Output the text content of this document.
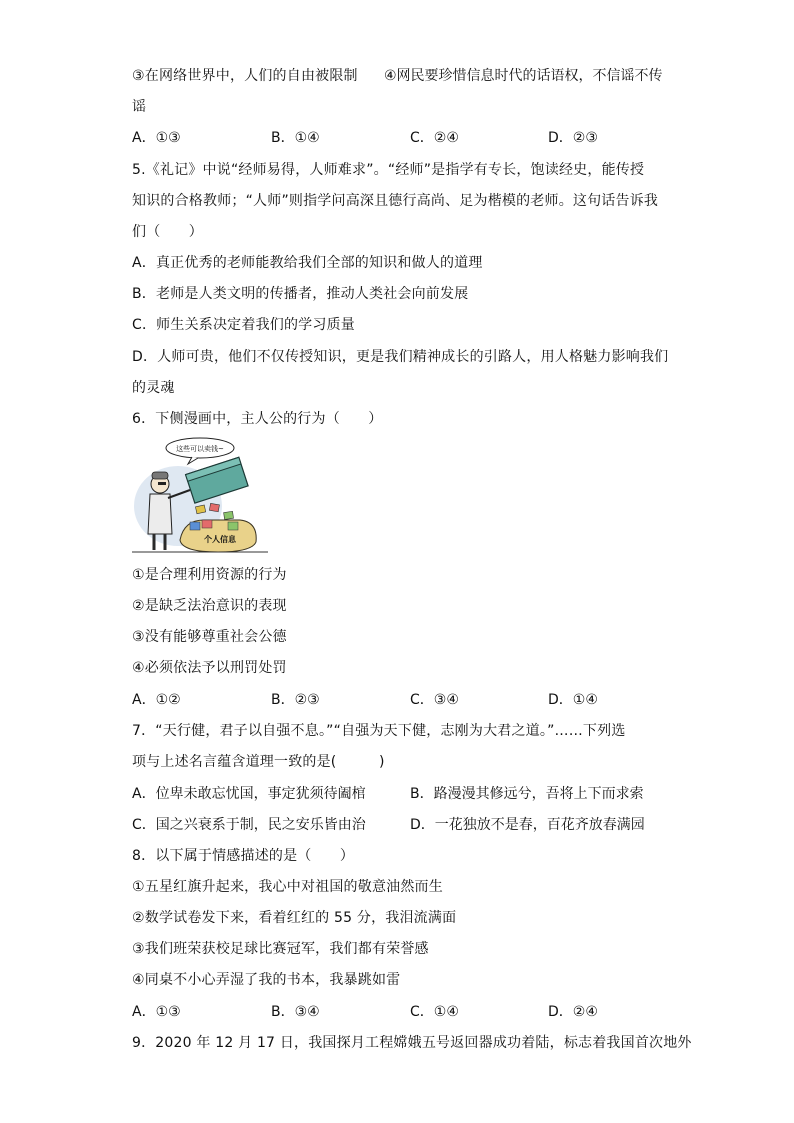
③在网络世界中，人们的自由被限制 ④网民要珍惜信息时代的话语权，不信谣不传
谣
A．①③	B．①④	C．②④	D．②③
5.《礼记》中说“经师易得，人师难求”。“经师”是指学有专长，饱读经史，能传授
知识的合格教师；“人师”则指学问高深且德行高尚、足为楷模的老师。这句话告诉我
们（　　）
A．真正优秀的老师能教给我们全部的知识和做人的道理
B．老师是人类文明的传播者，推动人类社会向前发展
C．师生关系决定着我们的学习质量
D．人师可贵，他们不仅传授知识，更是我们精神成长的引路人，用人格魅力影响我们
的灵魂
6．下侧漫画中，主人公的行为（　　）
这些可以卖钱~
个人信息
①是合理利用资源的行为
②是缺乏法治意识的表现
③没有能够尊重社会公德
④必须依法予以刑罚处罚
A．①②	B．②③	C．③④	D．①④
7．“天行健，君子以自强不息。”“自强为天下健，志刚为大君之道。”……下列选
项与上述名言蕴含道理一致的是(　　　)
A．位卑未敢忘忧国，事定犹须待阖棺	B．路漫漫其修远兮，吾将上下而求索
C．国之兴衰系于制，民之安乐皆由治	D．一花独放不是春，百花齐放春满园
8．以下属于情感描述的是（　　）
①五星红旗升起来，我心中对祖国的敬意油然而生
②数学试卷发下来，看着红红的 55 分，我泪流满面
③我们班荣获校足球比赛冠军，我们都有荣誉感
④同桌不小心弄湿了我的书本，我暴跳如雷
A．①③	B．③④	C．①④	D．②④
9．2020 年 12 月 17 日，我国探月工程嫦娥五号返回器成功着陆，标志着我国首次地外
